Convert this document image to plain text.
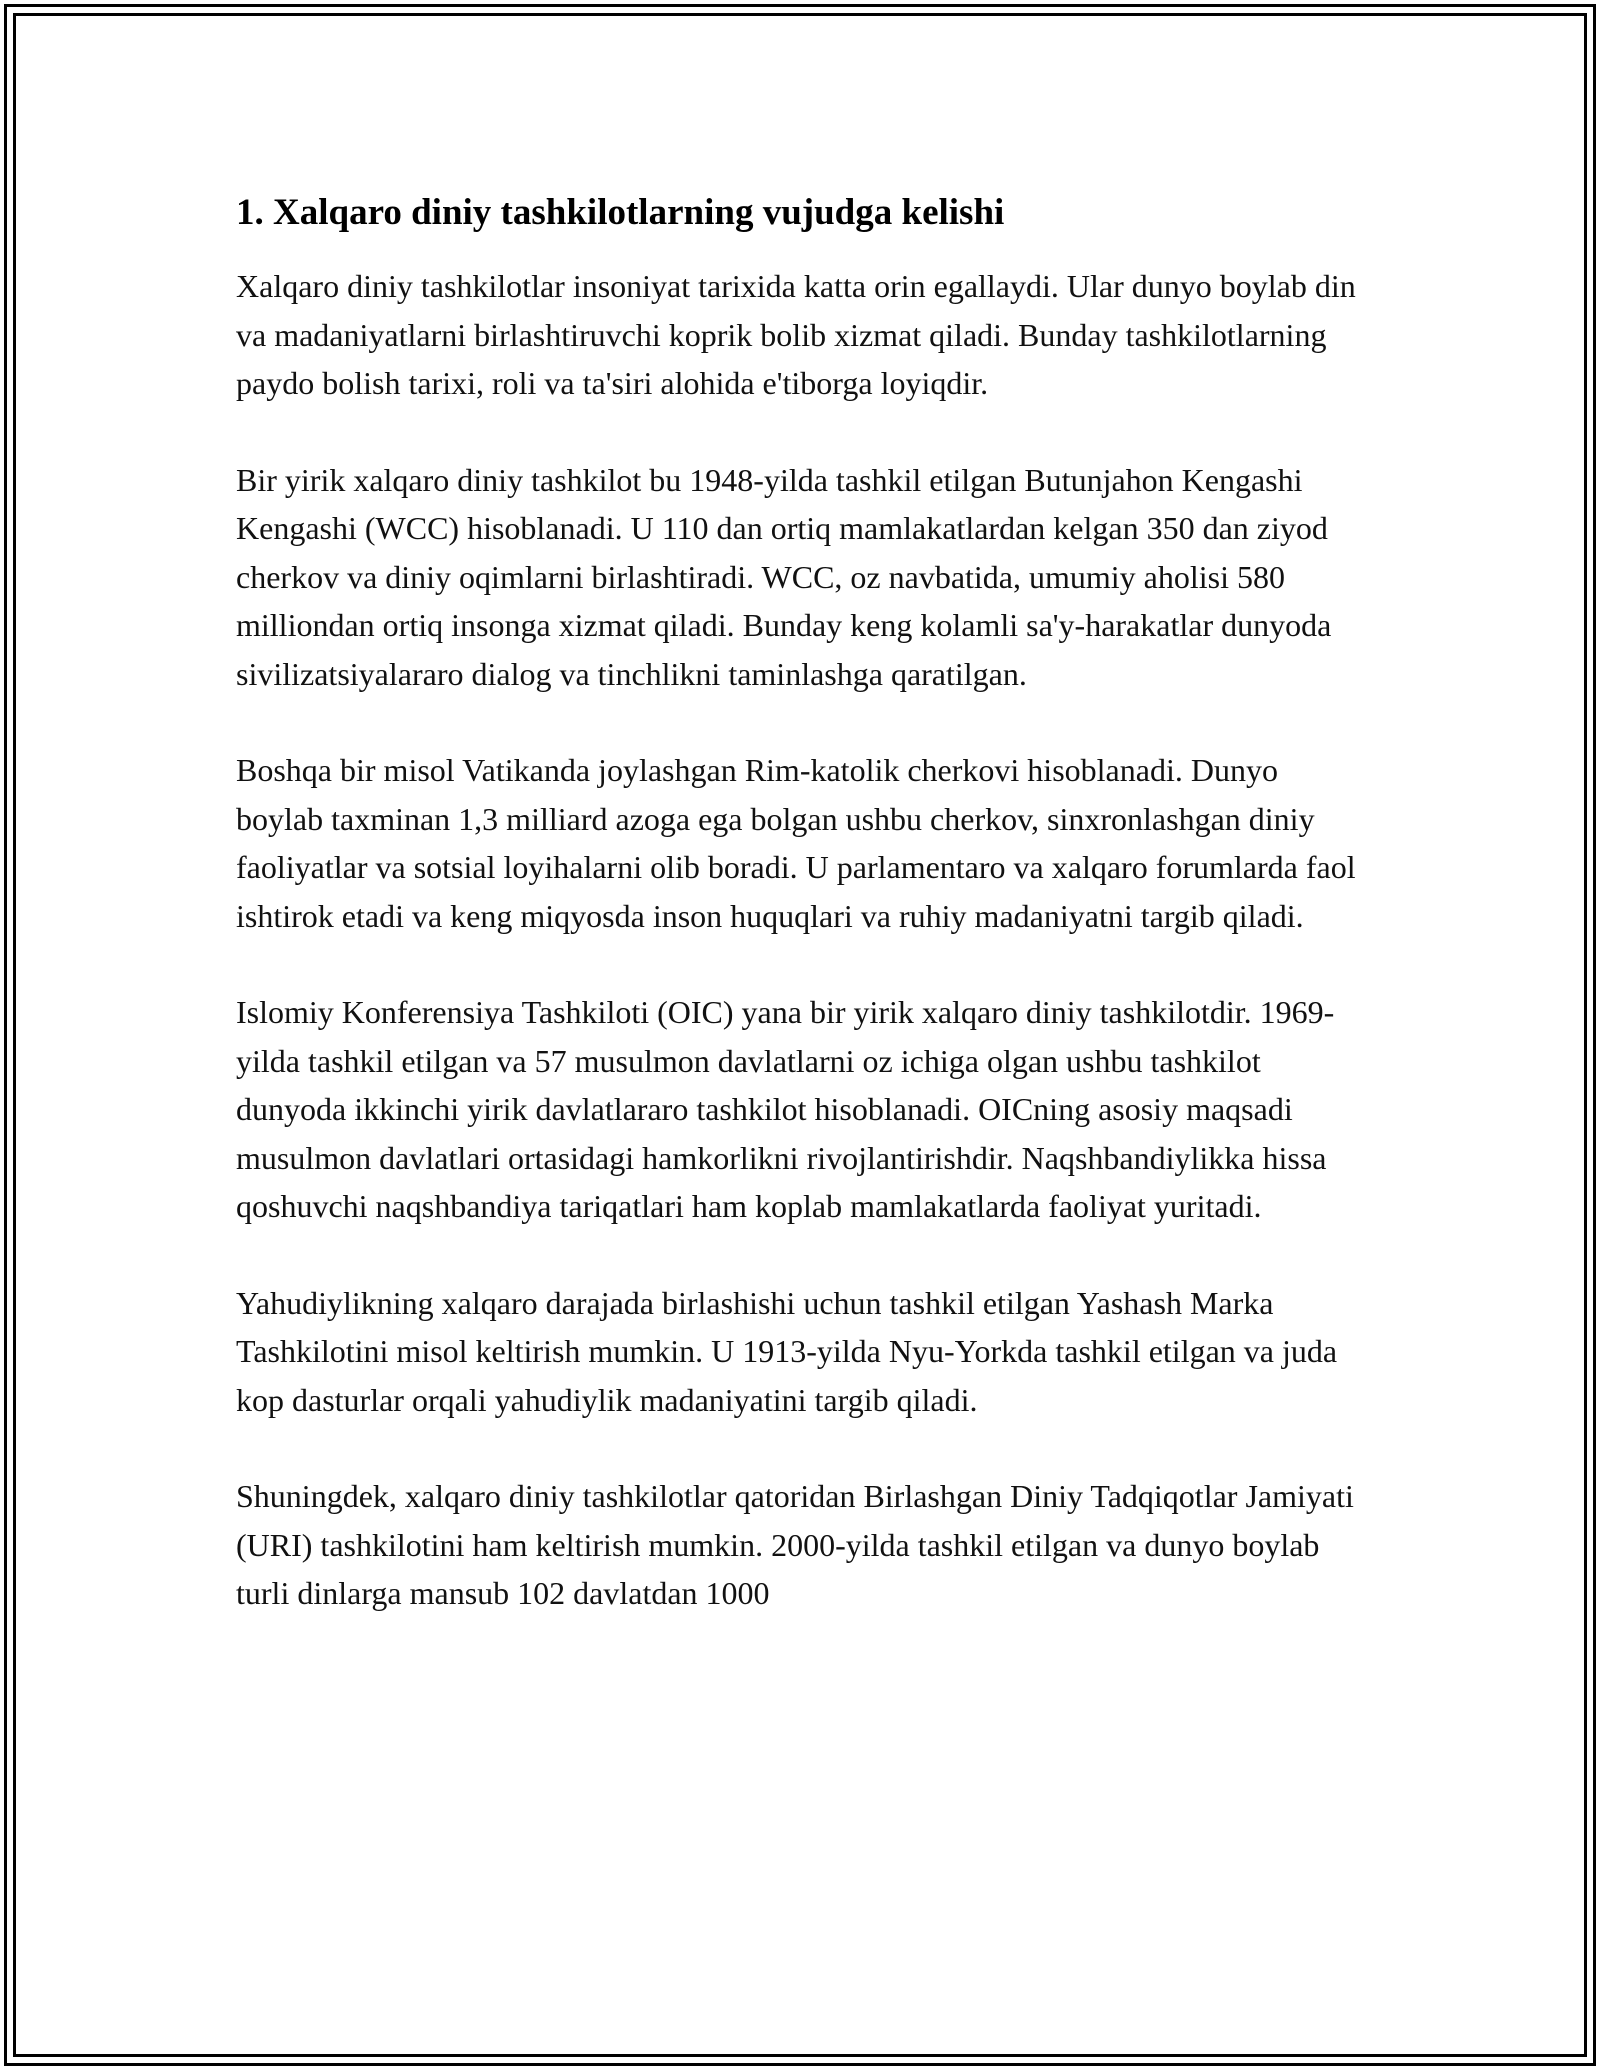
1. Xalqaro diniy tashkilotlarning vujudga kelishi

Xalqaro diniy tashkilotlar insoniyat tarixida katta orin egallaydi. Ular dunyo boylab din va madaniyatlarni birlashtiruvchi koprik bolib xizmat qiladi. Bunday tashkilotlarning paydo bolish tarixi, roli va ta'siri alohida e'tiborga loyiqdir.

Bir yirik xalqaro diniy tashkilot bu 1948-yilda tashkil etilgan Butunjahon Kengashi Kengashi (WCC) hisoblanadi. U 110 dan ortiq mamlakatlardan kelgan 350 dan ziyod cherkov va diniy oqimlarni birlashtiradi. WCC, oz navbatida, umumiy aholisi 580 milliondan ortiq insonga xizmat qiladi. Bunday keng kolamli sa'y-harakatlar dunyoda sivilizatsiyalararo dialog va tinchlikni taminlashga qaratilgan.

Boshqa bir misol Vatikanda joylashgan Rim-katolik cherkovi hisoblanadi. Dunyo boylab taxminan 1,3 milliard azoga ega bolgan ushbu cherkov, sinxronlashgan diniy faoliyatlar va sotsial loyihalarni olib boradi. U parlamentaro va xalqaro forumlarda faol ishtirok etadi va keng miqyosda inson huquqlari va ruhiy madaniyatni targib qiladi.

Islomiy Konferensiya Tashkiloti (OIC) yana bir yirik xalqaro diniy tashkilotdir. 1969-yilda tashkil etilgan va 57 musulmon davlatlarni oz ichiga olgan ushbu tashkilot dunyoda ikkinchi yirik davlatlararo tashkilot hisoblanadi. OICning asosiy maqsadi musulmon davlatlari ortasidagi hamkorlikni rivojlantirishdir. Naqshbandiylikka hissa qoshuvchi naqshbandiya tariqatlari ham koplab mamlakatlarda faoliyat yuritadi.

Yahudiylikning xalqaro darajada birlashishi uchun tashkil etilgan Yashash Marka Tashkilotini misol keltirish mumkin. U 1913-yilda Nyu-Yorkda tashkil etilgan va juda kop dasturlar orqali yahudiylik madaniyatini targib qiladi.

Shuningdek, xalqaro diniy tashkilotlar qatoridan Birlashgan Diniy Tadqiqotlar Jamiyati (URI) tashkilotini ham keltirish mumkin. 2000-yilda tashkil etilgan va dunyo boylab turli dinlarga mansub 102 davlatdan 1000
